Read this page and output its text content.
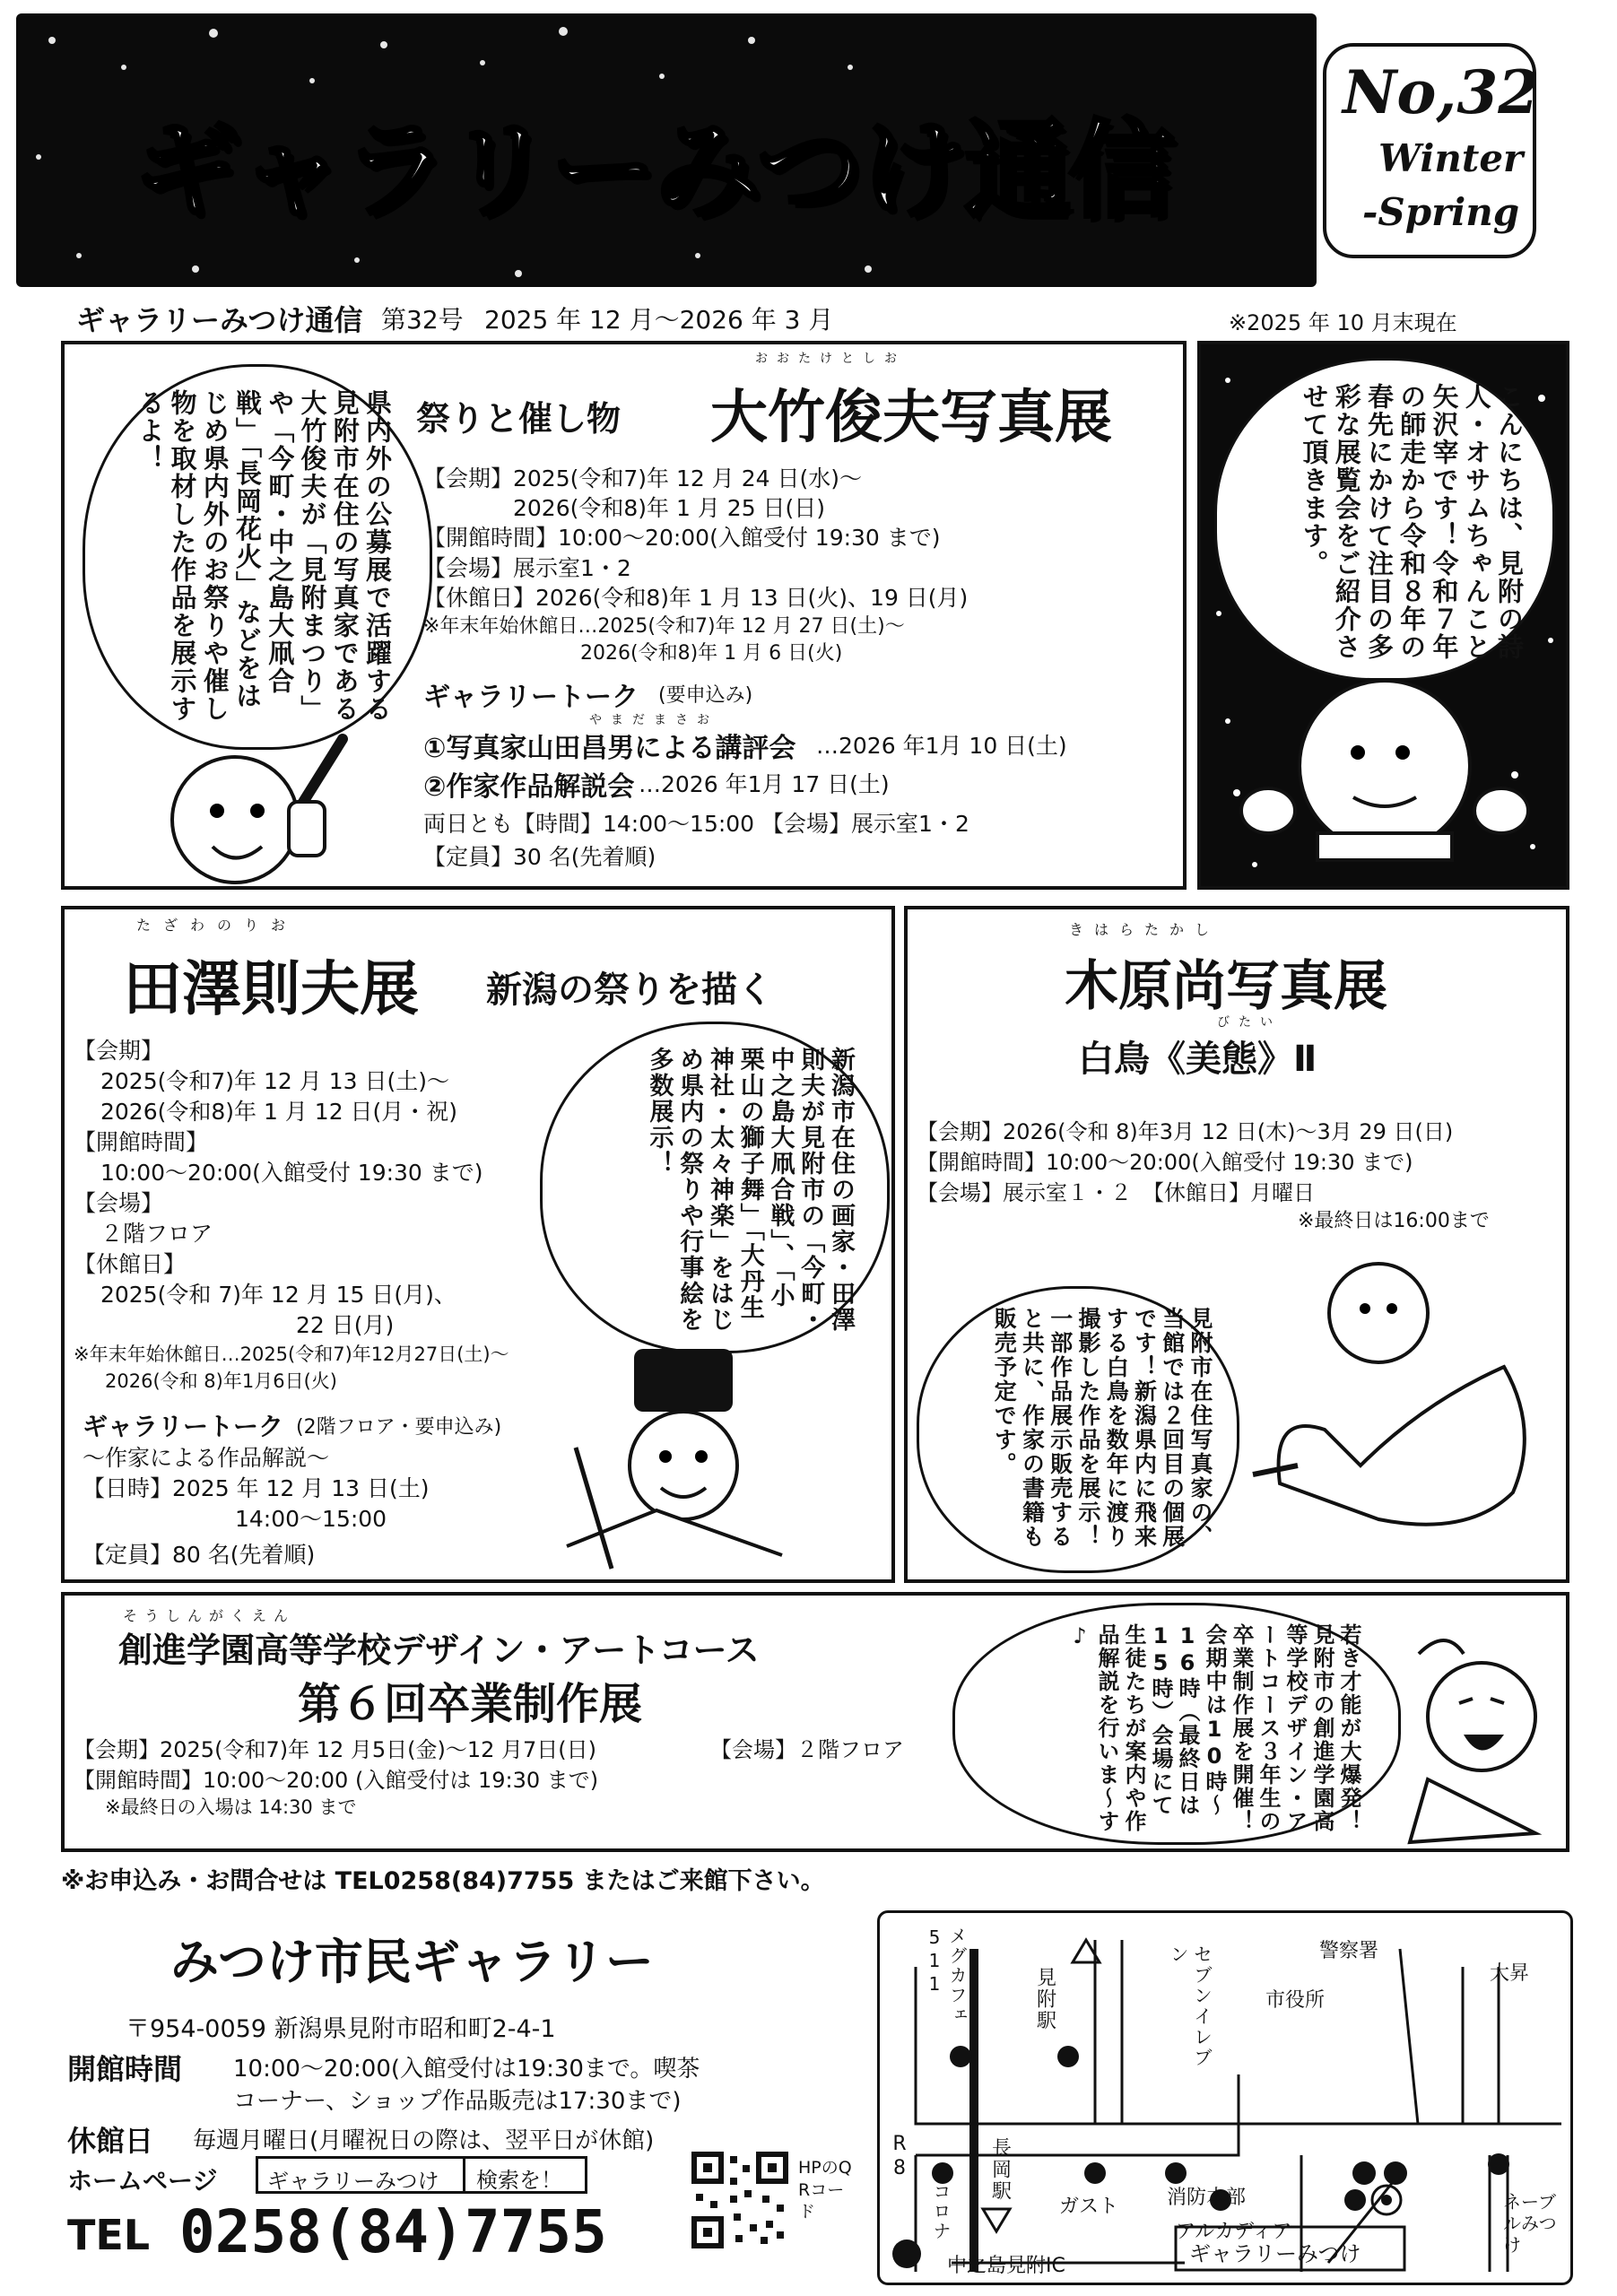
ギャラリーみつけ通信
No,32
Winter
-Spring
ギャラリーみつけ通信 第32号 2025 年 12 月～2026 年 3 月	※2025 年 10 月末現在
県内外の公募展で活躍する見附市在住の写真家である大竹俊夫が「見附まつり」や「今町・中之島大凧合戦」「長岡花火」などをはじめ県内外のお祭りや催し物を取材した作品を展示するよ！
おおたけとしお
祭りと催し物 大竹俊夫写真展
【会期】2025(令和7)年 12 月 24 日(水)～
2026(令和8)年 1 月 25 日(日)
【開館時間】10:00～20:00(入館受付 19:30 まで)
【会場】展示室1・2
【休館日】2026(令和8)年 1 月 13 日(火)、19 日(月)
※年末年始休館日…2025(令和7)年 12 月 27 日(土)～
2026(令和8)年 1 月 6 日(火)
ギャラリートーク (要申込み)
やまだまさお
①写真家山田昌男による講評会 …2026 年1月 10 日(土)
②作家作品解説会 …2026 年1月 17 日(土)
両日とも【時間】14:00～15:00 【会場】展示室1・2
【定員】30 名(先着順)
こんにちは、見附の詩人・オサムちゃんこと矢沢宰です！令和７年の師走から令和８年の春先にかけて注目の多彩な展覧会をご紹介させて頂きます。
たざわのりお
田澤則夫展 新潟の祭りを描く
【会期】
2025(令和7)年 12 月 13 日(土)～
2026(令和8)年 1 月 12 日(月・祝)
【開館時間】
10:00～20:00(入館受付 19:30 まで)
【会場】
２階フロア
【休館日】
2025(令和 7)年 12 月 15 日(月)、
22 日(月)
※年末年始休館日…2025(令和7)年12月27日(土)～
2026(令和 8)年1月6日(火)
ギャラリートーク (2階フロア・要申込み)
～作家による作品解説～
【日時】2025 年 12 月 13 日(土)
14:00～15:00
【定員】80 名(先着順)
新潟市在住の画家・田澤則夫が見附市の「今町・中之島大凧合戦」、「小栗山の獅子舞」「大丹生神社・太々神楽」をはじめ県内の祭りや行事絵を多数展示！
きはらたかし
木原尚写真展
びたい
白鳥《美態》Ⅱ
【会期】2026(令和 8)年3月 12 日(木)～3月 29 日(日)
【開館時間】10:00～20:00(入館受付 19:30 まで)
【会場】展示室１・２　【休館日】月曜日
※最終日は16:00まで
見附市在住写真家の、当館では２回目の個展です！新潟県内に飛来する白鳥を数年に渡り撮影した作品を展示！一部作品展示販売すると共に、作家の書籍も販売予定です。
そうしんがくえん
創進学園高等学校デザイン・アートコース
第６回卒業制作展
【会期】2025(令和7)年 12 月5日(金)～12 月7日(日)	【会場】２階フロア
【開館時間】10:00～20:00 (入館受付は 19:30 まで)
※最終日の入場は 14:30 まで	若き才能が大爆発！見附市の創進学園高等学校デザイン・アートコース３年生の卒業制作展を開催！会期中は10時～16時（最終日は15時）会場にて生徒たちが案内や作品解説を行いま～す♪
※お申込み・お問合せは TEL0258(84)7755 またはご来館下さい。
みつけ市民ギャラリー
〒954-0059 新潟県見附市昭和町2-4-1
開館時間 10:00～20:00(入館受付は19:30まで。喫茶
コーナー、ショップ作品販売は17:30まで)
休館日 毎週月曜日(月曜祝日の際は、翌平日が休館)
ホームページ ギャラリーみつけ 検索を！
TEL 0258(84)7755
HPのQRコード
メグカフェ511
見附駅	セブンイレブン
市役所
警察署
大昇
R8
コロナ
長岡駅
ガスト 消防本部
アルカディア
ネーブルみつけ
ギャラリーみつけ
中之島見附IC
